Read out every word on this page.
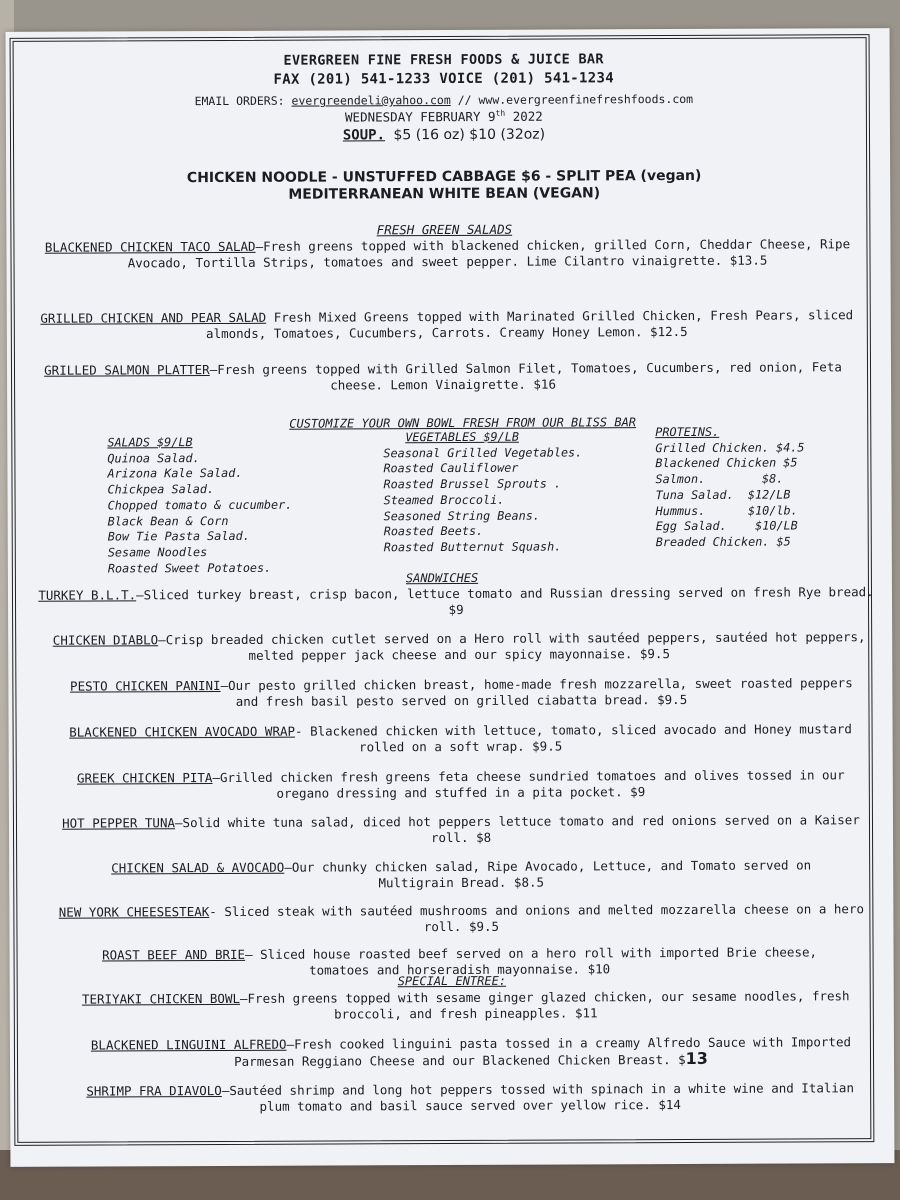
EVERGREEN FINE FRESH FOODS & JUICE BAR
FAX (201) 541-1233 VOICE (201) 541-1234
EMAIL ORDERS: evergreendeli@yahoo.com // www.evergreenfinefreshfoods.com
WEDNESDAY FEBRUARY 9th 2022
SOUP. $5 (16 oz) $10 (32oz)
CHICKEN NOODLE - UNSTUFFED CABBAGE $6 - SPLIT PEA (vegan)
MEDITERRANEAN WHITE BEAN (VEGAN)
FRESH GREEN SALADS
BLACKENED CHICKEN TACO SALAD—Fresh greens topped with blackened chicken, grilled Corn, Cheddar Cheese, Ripe Avocado, Tortilla Strips, tomatoes and sweet pepper. Lime Cilantro vinaigrette. $13.5
GRILLED CHICKEN AND PEAR SALAD Fresh Mixed Greens topped with Marinated Grilled Chicken, Fresh Pears, sliced almonds, Tomatoes, Cucumbers, Carrots. Creamy Honey Lemon. $12.5
GRILLED SALMON PLATTER—Fresh greens topped with Grilled Salmon Filet, Tomatoes, Cucumbers, red onion, Feta cheese. Lemon Vinaigrette. $16
CUSTOMIZE YOUR OWN BOWL FRESH FROM OUR BLISS BAR
SALADS $9/LB
Quinoa Salad.
Arizona Kale Salad.
Chickpea Salad.
Chopped tomato & cucumber.
Black Bean & Corn
Bow Tie Pasta Salad.
Sesame Noodles
Roasted Sweet Potatoes.
VEGETABLES $9/LB
Seasonal Grilled Vegetables.
Roasted Cauliflower
Roasted Brussel Sprouts .
Steamed Broccoli.
Seasoned String Beans.
Roasted Beets.
Roasted Butternut Squash.
PROTEINS.
Grilled Chicken. $4.5
Blackened Chicken $5
Salmon.        $8.
Tuna Salad.  $12/LB
Hummus.      $10/lb.
Egg Salad.    $10/LB
Breaded Chicken. $5
SANDWICHES
TURKEY B.L.T.—Sliced turkey breast, crisp bacon, lettuce tomato and Russian dressing served on fresh Rye bread. $9
CHICKEN DIABLO—Crisp breaded chicken cutlet served on a Hero roll with sautéed peppers, sautéed hot peppers, melted pepper jack cheese and our spicy mayonnaise. $9.5
PESTO CHICKEN PANINI—Our pesto grilled chicken breast, home-made fresh mozzarella, sweet roasted peppers and fresh basil pesto served on grilled ciabatta bread. $9.5
BLACKENED CHICKEN AVOCADO WRAP- Blackened chicken with lettuce, tomato, sliced avocado and Honey mustard rolled on a soft wrap. $9.5
GREEK CHICKEN PITA—Grilled chicken fresh greens feta cheese sundried tomatoes and olives tossed in our oregano dressing and stuffed in a pita pocket. $9
HOT PEPPER TUNA—Solid white tuna salad, diced hot peppers lettuce tomato and red onions served on a Kaiser roll. $8
CHICKEN SALAD & AVOCADO—Our chunky chicken salad, Ripe Avocado, Lettuce, and Tomato served on Multigrain Bread. $8.5
NEW YORK CHEESESTEAK- Sliced steak with sautéed mushrooms and onions and melted mozzarella cheese on a hero roll. $9.5
ROAST BEEF AND BRIE— Sliced house roasted beef served on a hero roll with imported Brie cheese, tomatoes and horseradish mayonnaise. $10
SPECIAL ENTREE:
TERIYAKI CHICKEN BOWL—Fresh greens topped with sesame ginger glazed chicken, our sesame noodles, fresh broccoli, and fresh pineapples. $11
BLACKENED LINGUINI ALFREDO—Fresh cooked linguini pasta tossed in a creamy Alfredo Sauce with Imported Parmesan Reggiano Cheese and our Blackened Chicken Breast. $13
SHRIMP FRA DIAVOLO—Sautéed shrimp and long hot peppers tossed with spinach in a white wine and Italian plum tomato and basil sauce served over yellow rice. $14
